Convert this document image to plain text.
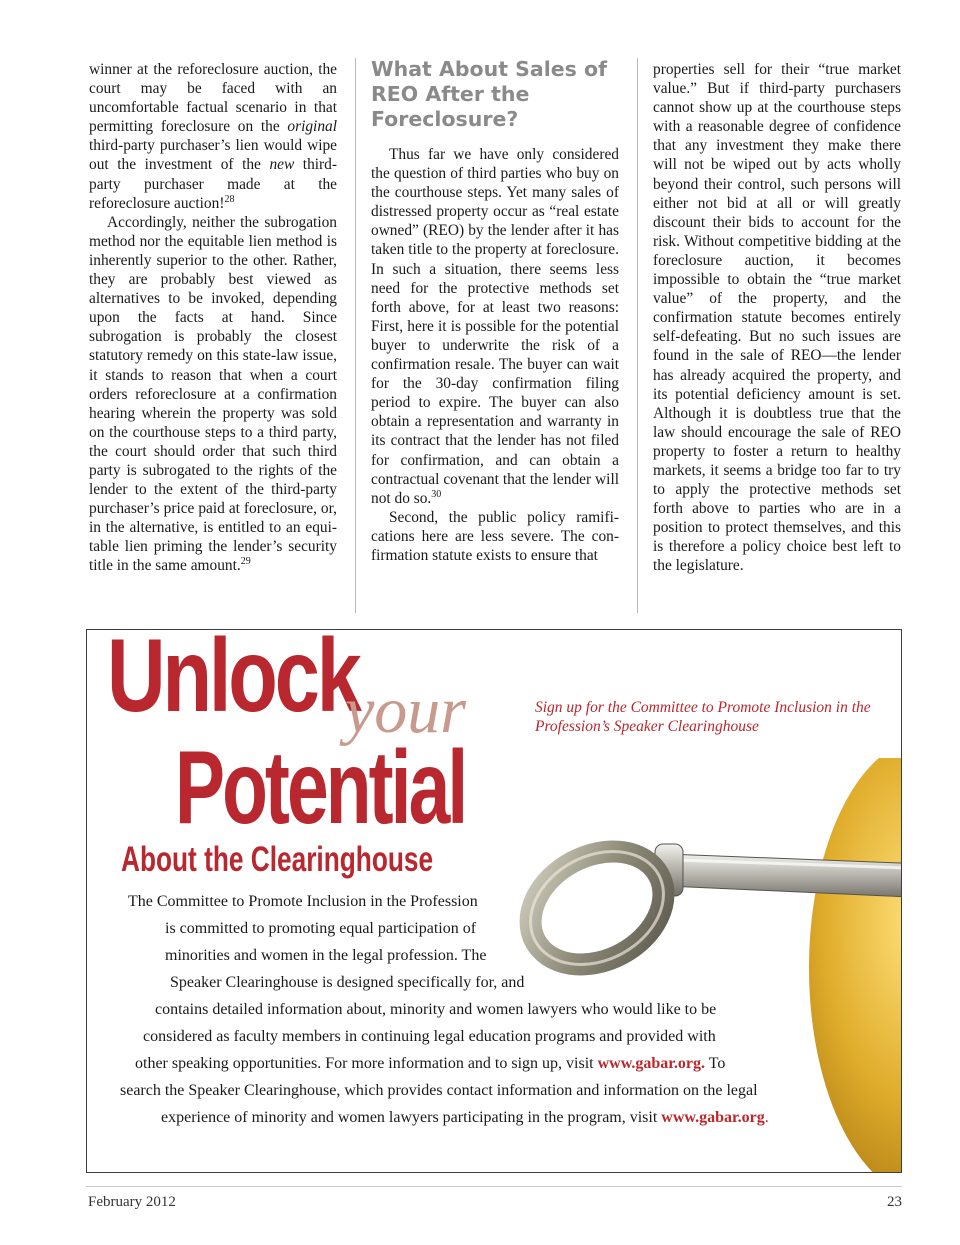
winner at the reforeclosure auction, the court may be faced with an uncomfortable factual scenario in that permitting foreclosure on the original third-party purchaser’s lien would wipe out the investment of the new third-party purchaser made at the reforeclosure auction!$^{28}$

Accordingly, neither the subrogation method nor the equitable lien method is inherently superior to the other. Rather, they are probably best viewed as alternatives to be invoked, depending upon the facts at hand. Since subrogation is probably the closest statutory remedy on this state-law issue, it stands to reason that when a court orders reforeclosure at a confirmation hearing wherein the property was sold on the courthouse steps to a third party, the court should order that such third party is subrogated to the rights of the lender to the extent of the third-party purchaser’s price paid at foreclosure, or, in the alternative, is entitled to an equitable lien priming the lender’s security title in the same amount.$^{29}$

What About Sales of REO After the Foreclosure?

Thus far we have only considered the question of third parties who buy on the courthouse steps. Yet many sales of distressed property occur as “real estate owned” (REO) by the lender after it has taken title to the property at foreclosure. In such a situation, there seems less need for the protective methods set forth above, for at least two reasons: First, here it is possible for the potential buyer to underwrite the risk of a confirmation resale. The buyer can wait for the 30-day confirmation filing period to expire. The buyer can also obtain a representation and warranty in its contract that the lender has not filed for confirmation, and can obtain a contractual covenant that the lender will not do so.$^{30}$

Second, the public policy ramifications here are less severe. The confirmation statute exists to ensure that

properties sell for their “true market value.” But if third-party purchasers cannot show up at the courthouse steps with a reasonable degree of confidence that any investment they make there will not be wiped out by acts wholly beyond their control, such persons will either not bid at all or will greatly discount their bids to account for the risk. Without competitive bidding at the foreclosure auction, it becomes impossible to obtain the “true market value” of the property, and the confirmation statute becomes entirely self-defeating. But no such issues are found in the sale of REO—the lender has already acquired the property, and its potential deficiency amount is set. Although it is doubtless true that the law should encourage the sale of REO property to foster a return to healthy markets, it seems a bridge too far to try to apply the protective methods set forth above to parties who are in a position to protect themselves, and this is therefore a policy choice best left to the legislature.

Unlock
your
Potential
Sign up for the Committee to Promote Inclusion in the Profession’s Speaker Clearinghouse
About the Clearinghouse
The Committee to Promote Inclusion in the Profession
is committed to promoting equal participation of
minorities and women in the legal profession. The
Speaker Clearinghouse is designed specifically for, and
contains detailed information about, minority and women lawyers who would like to be
considered as faculty members in continuing legal education programs and provided with
other speaking opportunities. For more information and to sign up, visit www.gabar.org. To
search the Speaker Clearinghouse, which provides contact information and information on the legal
experience of minority and women lawyers participating in the program, visit www.gabar.org.
February 2012	23
